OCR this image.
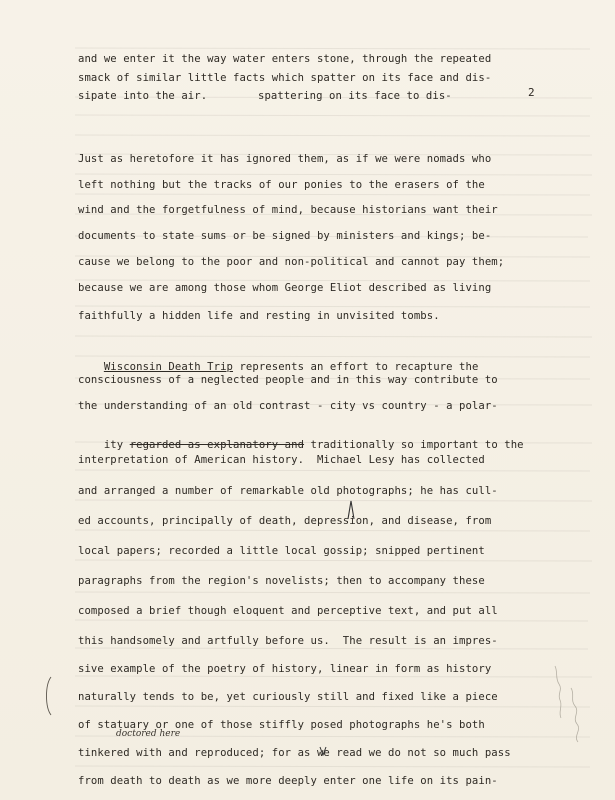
2
and we enter it the way water enters stone, through the repeated
smack of similar little facts which spatter on its face and dis-
sipate into the air.	spattering on its face to dis-
Just as heretofore it has ignored them, as if we were nomads who
left nothing but the tracks of our ponies to the erasers of the
wind and the forgetfulness of mind, because historians want their
documents to state sums or be signed by ministers and kings; be-
cause we belong to the poor and non-political and cannot pay them;
because we are among those whom George Eliot described as living
faithfully a hidden life and resting in unvisited tombs.

Wisconsin Death Trip represents an effort to recapture the

consciousness of a neglected people and in this way contribute to
the understanding of an old contrast - city vs country - a polar-

ity regarded as explanatory and traditionally so important to the

interpretation of American history.  Michael Lesy has collected
and arranged a number of remarkable old photographs; he has cull-
ed accounts, principally of death, depression, and disease, from
local papers; recorded a little local gossip; snipped pertinent
paragraphs from the region's novelists; then to accompany these
composed a brief though eloquent and perceptive text, and put all
this handsomely and artfully before us.  The result is an impres-
sive example of the poetry of history, linear in form as history
naturally tends to be, yet curiously still and fixed like a piece
of statuary or one of those stiffly posed photographs he's both
tinkered with and reproduced; for as we read we do not so much pass
from death to death as we more deeply enter one life on its pain-
doctored here
